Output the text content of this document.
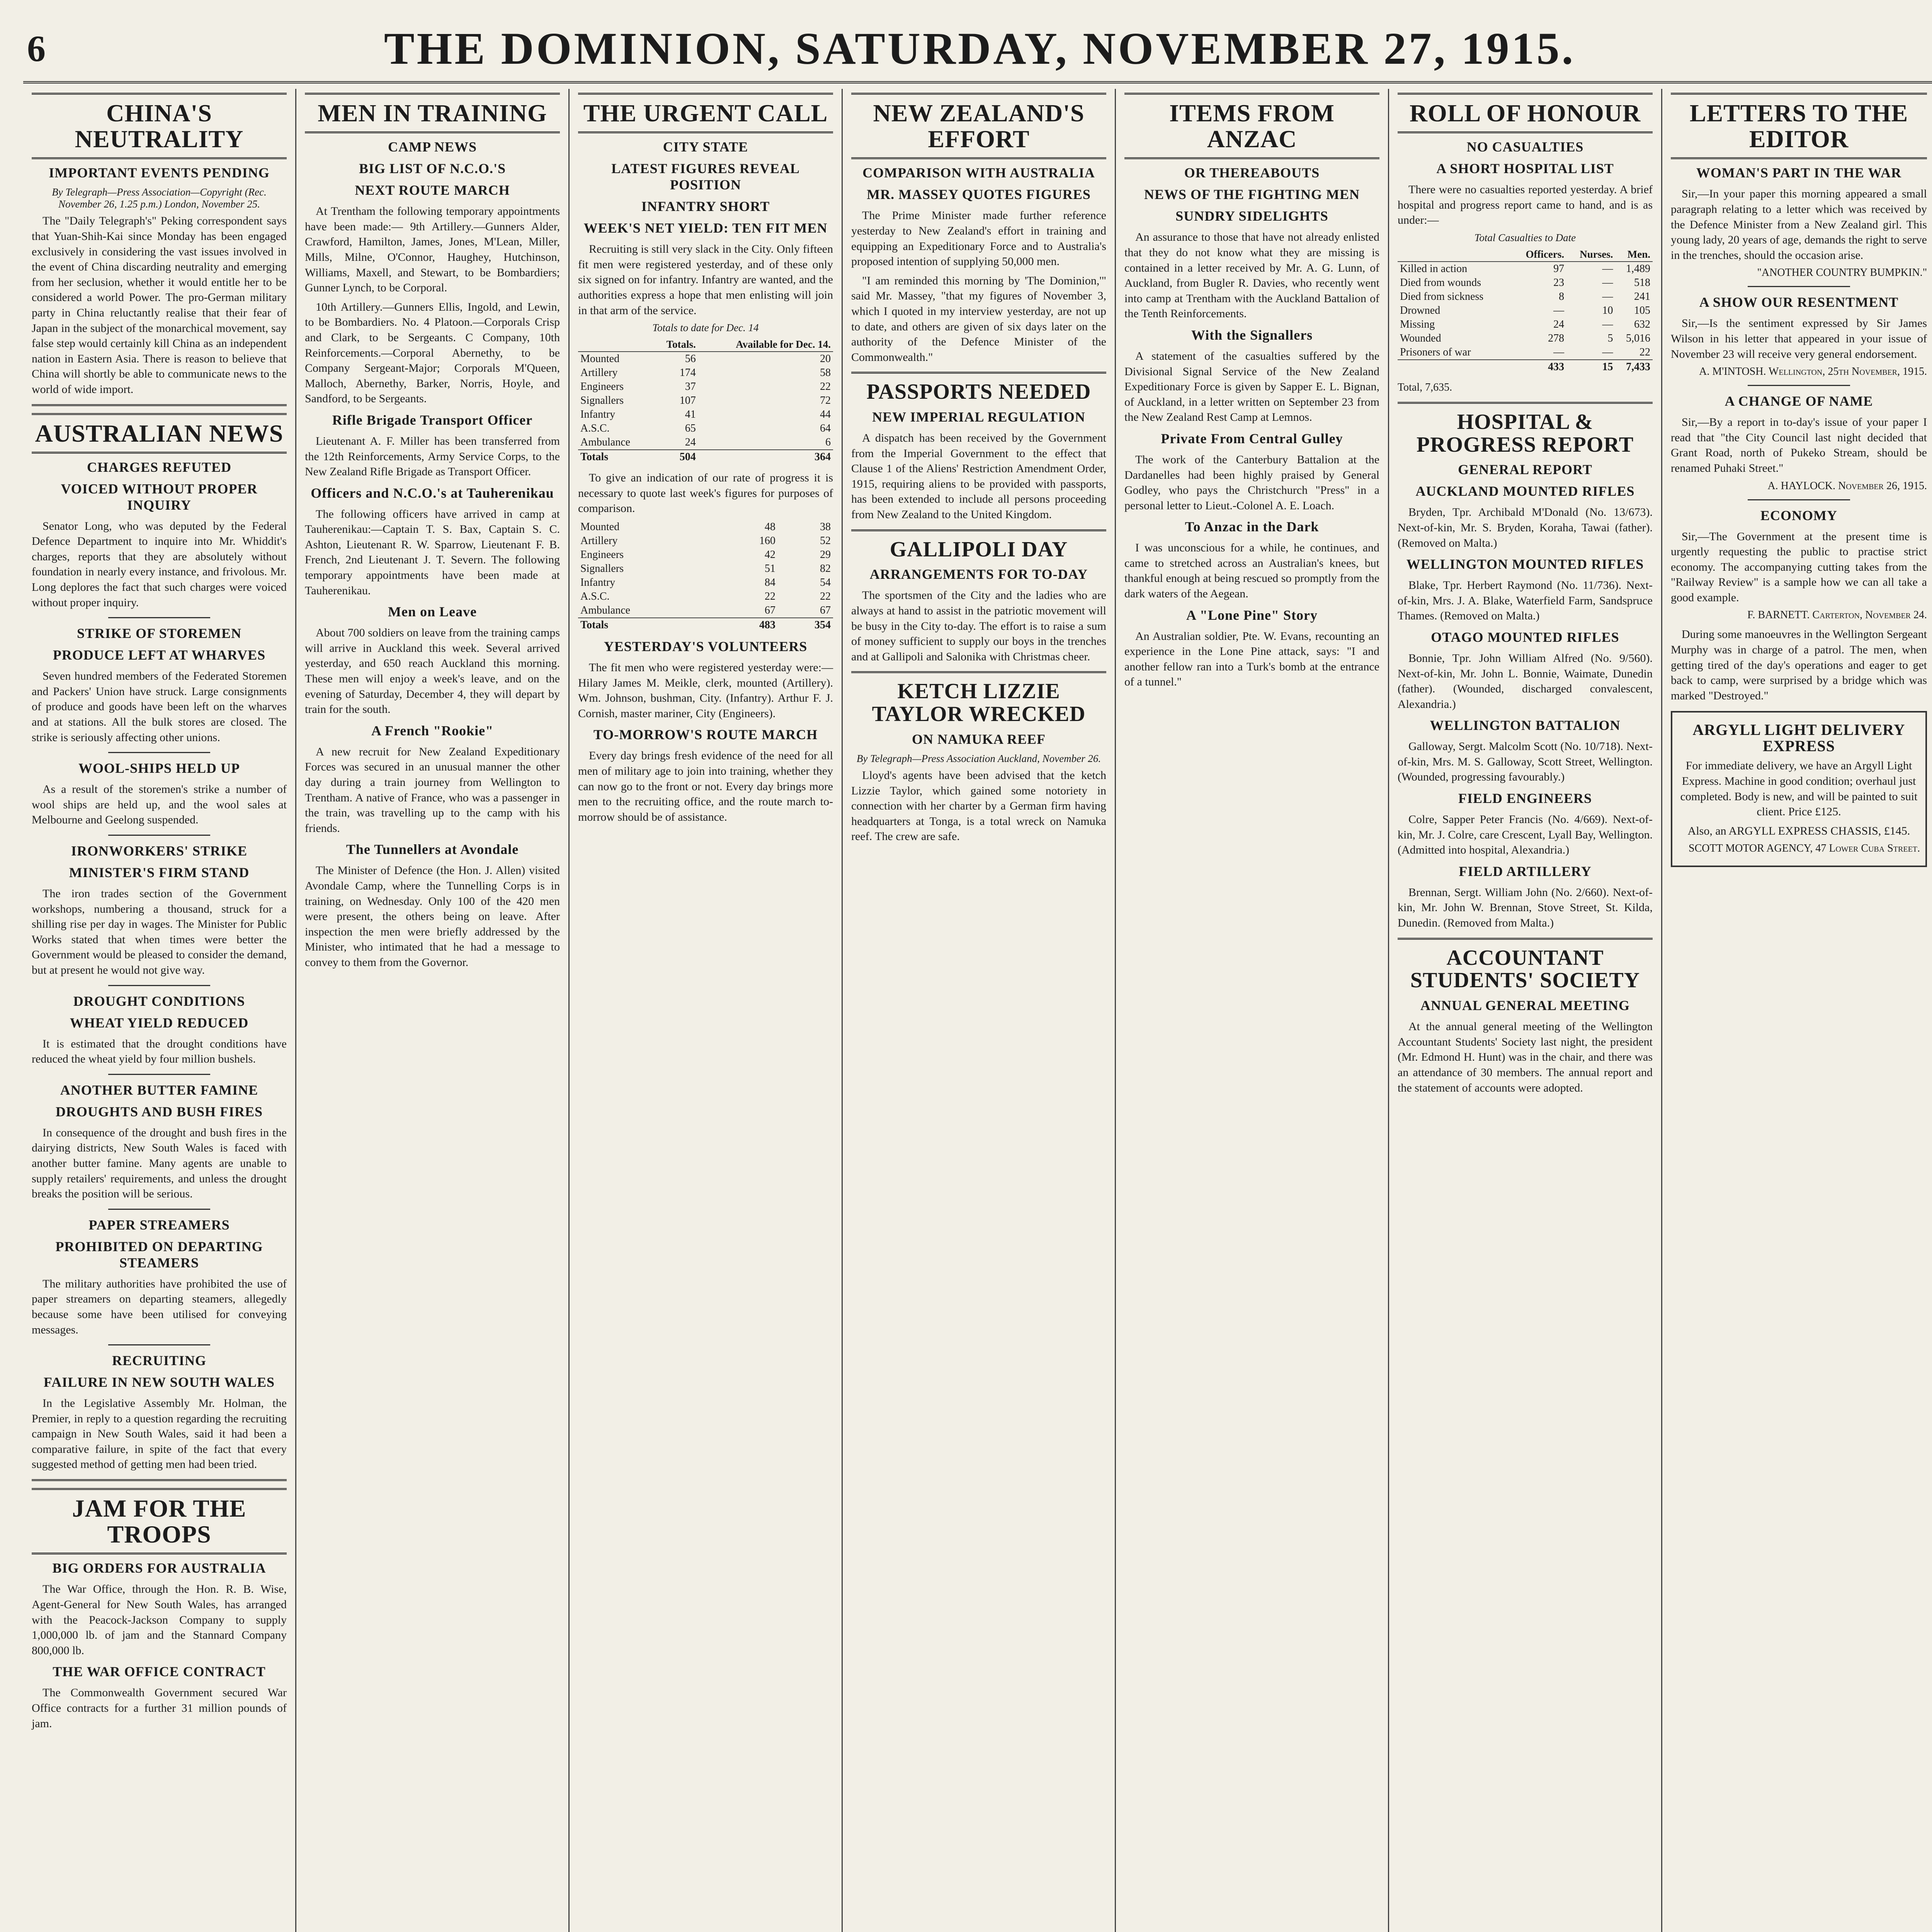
6	THE DOMINION, SATURDAY, NOVEMBER 27, 1915.
CHINA'S NEUTRALITY
IMPORTANT EVENTS PENDING
By Telegraph—Press Association—Copyright (Rec. November 26, 1.25 p.m.) London, November 25.

The "Daily Telegraph's" Peking correspondent says that Yuan-Shih-Kai since Monday has been engaged exclusively in considering the vast issues involved in the event of China discarding neutrality and emerging from her seclusion, whether it would entitle her to be considered a world Power. The pro-German military party in China reluctantly realise that their fear of Japan in the subject of the monarchical movement, say false step would certainly kill China as an independent nation in Eastern Asia. There is reason to believe that China will shortly be able to communicate news to the world of wide import.

AUSTRALIAN NEWS
CHARGES REFUTED
VOICED WITHOUT PROPER INQUIRY

Senator Long, who was deputed by the Federal Defence Department to inquire into Mr. Whiddit's charges, reports that they are absolutely without foundation in nearly every instance, and frivolous. Mr. Long deplores the fact that such charges were voiced without proper inquiry.

STRIKE OF STOREMEN
PRODUCE LEFT AT WHARVES

Seven hundred members of the Federated Storemen and Packers' Union have struck. Large consignments of produce and goods have been left on the wharves and at stations. All the bulk stores are closed. The strike is seriously affecting other unions.

WOOL-SHIPS HELD UP

As a result of the storemen's strike a number of wool ships are held up, and the wool sales at Melbourne and Geelong suspended.

IRONWORKERS' STRIKE
MINISTER'S FIRM STAND

The iron trades section of the Government workshops, numbering a thousand, struck for a shilling rise per day in wages. The Minister for Public Works stated that when times were better the Government would be pleased to consider the demand, but at present he would not give way.

DROUGHT CONDITIONS
WHEAT YIELD REDUCED

It is estimated that the drought conditions have reduced the wheat yield by four million bushels.

ANOTHER BUTTER FAMINE
DROUGHTS AND BUSH FIRES

In consequence of the drought and bush fires in the dairying districts, New South Wales is faced with another butter famine. Many agents are unable to supply retailers' requirements, and unless the drought breaks the position will be serious.

PAPER STREAMERS
PROHIBITED ON DEPARTING STEAMERS

The military authorities have prohibited the use of paper streamers on departing steamers, allegedly because some have been utilised for conveying messages.

RECRUITING
FAILURE IN NEW SOUTH WALES

In the Legislative Assembly Mr. Holman, the Premier, in reply to a question regarding the recruiting campaign in New South Wales, said it had been a comparative failure, in spite of the fact that every suggested method of getting men had been tried.

JAM FOR THE TROOPS
BIG ORDERS FOR AUSTRALIA

The War Office, through the Hon. R. B. Wise, Agent-General for New South Wales, has arranged with the Peacock-Jackson Company to supply 1,000,000 lb. of jam and the Stannard Company 800,000 lb.

THE WAR OFFICE CONTRACT

The Commonwealth Government secured War Office contracts for a further 31 million pounds of jam.

MEN IN TRAINING
CAMP NEWS
BIG LIST OF N.C.O.'S
NEXT ROUTE MARCH

At Trentham the following temporary appointments have been made:— 9th Artillery.—Gunners Alder, Crawford, Hamilton, James, Jones, M'Lean, Miller, Mills, Milne, O'Connor, Haughey, Hutchinson, Williams, Maxell, and Stewart, to be Bombardiers; Gunner Lynch, to be Corporal.

10th Artillery.—Gunners Ellis, Ingold, and Lewin, to be Bombardiers. No. 4 Platoon.—Corporals Crisp and Clark, to be Sergeants. C Company, 10th Reinforcements.—Corporal Abernethy, to be Company Sergeant-Major; Corporals M'Queen, Malloch, Abernethy, Barker, Norris, Hoyle, and Sandford, to be Sergeants.

Rifle Brigade Transport Officer

Lieutenant A. F. Miller has been transferred from the 12th Reinforcements, Army Service Corps, to the New Zealand Rifle Brigade as Transport Officer.

Officers and N.C.O.'s at Tauherenikau

The following officers have arrived in camp at Tauherenikau:—Captain T. S. Bax, Captain S. C. Ashton, Lieutenant R. W. Sparrow, Lieutenant F. B. French, 2nd Lieutenant J. T. Severn. The following temporary appointments have been made at Tauherenikau.

Men on Leave

About 700 soldiers on leave from the training camps will arrive in Auckland this week. Several arrived yesterday, and 650 reach Auckland this morning. These men will enjoy a week's leave, and on the evening of Saturday, December 4, they will depart by train for the south.

A French "Rookie"

A new recruit for New Zealand Expeditionary Forces was secured in an unusual manner the other day during a train journey from Wellington to Trentham. A native of France, who was a passenger in the train, was travelling up to the camp with his friends.

The Tunnellers at Avondale

The Minister of Defence (the Hon. J. Allen) visited Avondale Camp, where the Tunnelling Corps is in training, on Wednesday. Only 100 of the 420 men were present, the others being on leave. After inspection the men were briefly addressed by the Minister, who intimated that he had a message to convey to them from the Governor.

THE URGENT CALL
CITY STATE
LATEST FIGURES REVEAL POSITION
INFANTRY SHORT
WEEK'S NET YIELD: TEN FIT MEN

Recruiting is still very slack in the City. Only fifteen fit men were registered yesterday, and of these only six signed on for infantry. Infantry are wanted, and the authorities express a hope that men enlisting will join in that arm of the service.

Totals to date for Dec. 14
	Totals.	Available for Dec. 14.
Mounted	56	20
Artillery	174	58
Engineers	37	22
Signallers	107	72
Infantry	41	44
A.S.C.	65	64
Ambulance	24	6
Totals	504	364

To give an indication of our rate of progress it is necessary to quote last week's figures for purposes of comparison.

Mounted	48	38
Artillery	160	52
Engineers	42	29
Signallers	51	82
Infantry	84	54
A.S.C.	22	22
Ambulance	67	67
Totals	483	354
YESTERDAY'S VOLUNTEERS

The fit men who were registered yesterday were:—Hilary James M. Meikle, clerk, mounted (Artillery). Wm. Johnson, bushman, City. (Infantry). Arthur F. J. Cornish, master mariner, City (Engineers).

TO-MORROW'S ROUTE MARCH

Every day brings fresh evidence of the need for all men of military age to join into training, whether they can now go to the front or not. Every day brings more men to the recruiting office, and the route march to-morrow should be of assistance.

NEW ZEALAND'S EFFORT
COMPARISON WITH AUSTRALIA
MR. MASSEY QUOTES FIGURES

The Prime Minister made further reference yesterday to New Zealand's effort in training and equipping an Expeditionary Force and to Australia's proposed intention of supplying 50,000 men.

"I am reminded this morning by 'The Dominion,'" said Mr. Massey, "that my figures of November 3, which I quoted in my interview yesterday, are not up to date, and others are given of six days later on the authority of the Defence Minister of the Commonwealth."

PASSPORTS NEEDED
NEW IMPERIAL REGULATION

A dispatch has been received by the Government from the Imperial Government to the effect that Clause 1 of the Aliens' Restriction Amendment Order, 1915, requiring aliens to be provided with passports, has been extended to include all persons proceeding from New Zealand to the United Kingdom.

GALLIPOLI DAY
ARRANGEMENTS FOR TO-DAY

The sportsmen of the City and the ladies who are always at hand to assist in the patriotic movement will be busy in the City to-day. The effort is to raise a sum of money sufficient to supply our boys in the trenches and at Gallipoli and Salonika with Christmas cheer.

KETCH LIZZIE TAYLOR WRECKED
ON NAMUKA REEF
By Telegraph—Press Association Auckland, November 26.

Lloyd's agents have been advised that the ketch Lizzie Taylor, which gained some notoriety in connection with her charter by a German firm having headquarters at Tonga, is a total wreck on Namuka reef. The crew are safe.

ITEMS FROM ANZAC
OR THEREABOUTS
NEWS OF THE FIGHTING MEN
SUNDRY SIDELIGHTS

An assurance to those that have not already enlisted that they do not know what they are missing is contained in a letter received by Mr. A. G. Lunn, of Auckland, from Bugler R. Davies, who recently went into camp at Trentham with the Auckland Battalion of the Tenth Reinforcements.

With the Signallers

A statement of the casualties suffered by the Divisional Signal Service of the New Zealand Expeditionary Force is given by Sapper E. L. Bignan, of Auckland, in a letter written on September 23 from the New Zealand Rest Camp at Lemnos.

Private From Central Gulley

The work of the Canterbury Battalion at the Dardanelles had been highly praised by General Godley, who pays the Christchurch "Press" in a personal letter to Lieut.-Colonel A. E. Loach.

To Anzac in the Dark

I was unconscious for a while, he continues, and came to stretched across an Australian's knees, but thankful enough at being rescued so promptly from the dark waters of the Aegean.

A "Lone Pine" Story

An Australian soldier, Pte. W. Evans, recounting an experience in the Lone Pine attack, says: "I and another fellow ran into a Turk's bomb at the entrance of a tunnel."

ROLL OF HONOUR
NO CASUALTIES
A SHORT HOSPITAL LIST

There were no casualties reported yesterday. A brief hospital and progress report came to hand, and is as under:—

Total Casualties to Date
	Officers.	Nurses.	Men.
Killed in action	97	—	1,489
Died from wounds	23	—	518
Died from sickness	8	—	241
Drowned	—	10	105
Missing	24	—	632
Wounded	278	5	5,016
Prisoners of war	—	—	22
	433	15	7,433
Total, 7,635.
HOSPITAL & PROGRESS REPORT
GENERAL REPORT
AUCKLAND MOUNTED RIFLES

Bryden, Tpr. Archibald M'Donald (No. 13/673). Next-of-kin, Mr. S. Bryden, Koraha, Tawai (father). (Removed on Malta.)

WELLINGTON MOUNTED RIFLES

Blake, Tpr. Herbert Raymond (No. 11/736). Next-of-kin, Mrs. J. A. Blake, Waterfield Farm, Sandspruce Thames. (Removed on Malta.)

OTAGO MOUNTED RIFLES

Bonnie, Tpr. John William Alfred (No. 9/560). Next-of-kin, Mr. John L. Bonnie, Waimate, Dunedin (father). (Wounded, discharged convalescent, Alexandria.)

WELLINGTON BATTALION

Galloway, Sergt. Malcolm Scott (No. 10/718). Next-of-kin, Mrs. M. S. Galloway, Scott Street, Wellington. (Wounded, progressing favourably.)

FIELD ENGINEERS

Colre, Sapper Peter Francis (No. 4/669). Next-of-kin, Mr. J. Colre, care Crescent, Lyall Bay, Wellington. (Admitted into hospital, Alexandria.)

FIELD ARTILLERY

Brennan, Sergt. William John (No. 2/660). Next-of-kin, Mr. John W. Brennan, Stove Street, St. Kilda, Dunedin. (Removed from Malta.)

ACCOUNTANT STUDENTS' SOCIETY
ANNUAL GENERAL MEETING

At the annual general meeting of the Wellington Accountant Students' Society last night, the president (Mr. Edmond H. Hunt) was in the chair, and there was an attendance of 30 members. The annual report and the statement of accounts were adopted.

LETTERS TO THE EDITOR
WOMAN'S PART IN THE WAR

Sir,—In your paper this morning appeared a small paragraph relating to a letter which was received by the Defence Minister from a New Zealand girl. This young lady, 20 years of age, demands the right to serve in the trenches, should the occasion arise.

"ANOTHER COUNTRY BUMPKIN."
A SHOW OUR RESENTMENT

Sir,—Is the sentiment expressed by Sir James Wilson in his letter that appeared in your issue of November 23 will receive very general endorsement.

A. M'INTOSH. Wellington, 25th November, 1915.
A CHANGE OF NAME

Sir,—By a report in to-day's issue of your paper I read that "the City Council last night decided that Grant Road, north of Pukeko Stream, should be renamed Puhaki Street."

A. HAYLOCK. November 26, 1915.
ECONOMY

Sir,—The Government at the present time is urgently requesting the public to practise strict economy. The accompanying cutting takes from the "Railway Review" is a sample how we can all take a good example.

F. BARNETT. Carterton, November 24.

During some manoeuvres in the Wellington Sergeant Murphy was in charge of a patrol. The men, when getting tired of the day's operations and eager to get back to camp, were surprised by a bridge which was marked "Destroyed."

ARGYLL LIGHT DELIVERY EXPRESS

For immediate delivery, we have an Argyll Light Express. Machine in good condition; overhaul just completed. Body is new, and will be painted to suit client. Price £125.

Also, an ARGYLL EXPRESS CHASSIS, £145.

SCOTT MOTOR AGENCY, 47 Lower Cuba Street.
